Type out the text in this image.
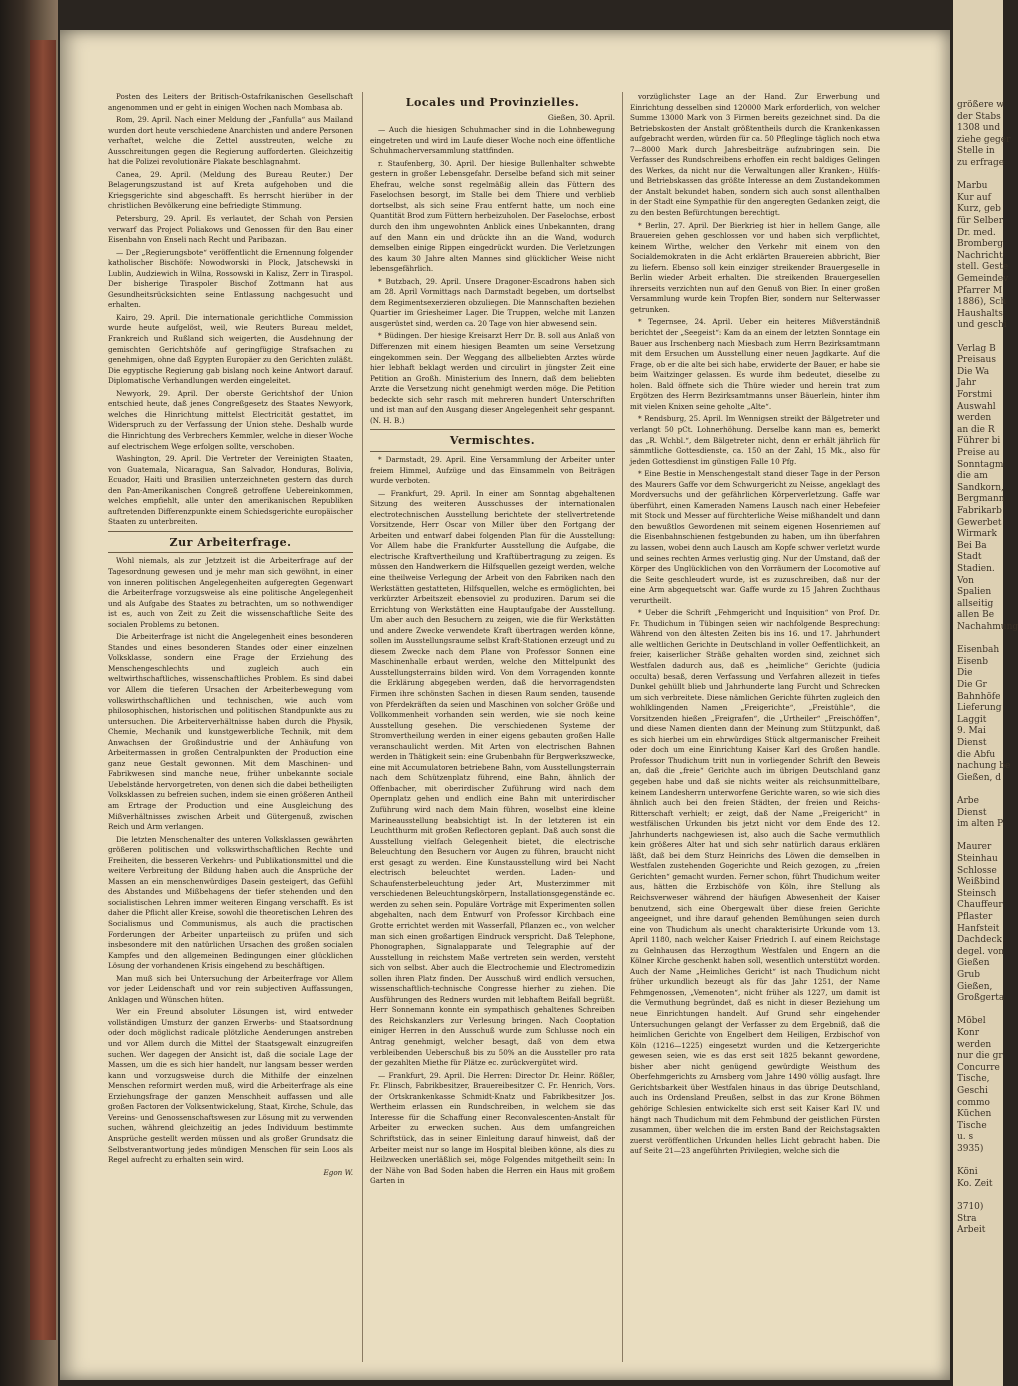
Posten des Leiters der Britisch-Ostafrikanischen Gesellschaft angenommen und er geht in einigen Wochen nach Mombasa ab.

Rom, 29. April. Nach einer Meldung der „Fanfulla“ aus Mailand wurden dort heute verschiedene Anarchisten und andere Personen verhaftet, welche die Zettel ausstreuten, welche zu Ausschreitungen gegen die Regierung aufforderten. Gleichzeitig hat die Polizei revolutionäre Plakate beschlagnahmt.

Canea, 29. April. (Meldung des Bureau Reuter.) Der Belagerungszustand ist auf Kreta aufgehoben und die Kriegsgerichte sind abgeschafft. Es herrscht hierüber in der christlichen Bevölkerung eine befriedigte Stimmung.

Petersburg, 29. April. Es verlautet, der Schah von Persien verwarf das Project Poliakows und Genossen für den Bau einer Eisenbahn von Enseli nach Recht und Paribazan.

— Der „Regierungsbote“ veröffentlicht die Ernennung folgender katholischer Bischöfe: Nowodworski in Plock, Jatschewski in Lublin, Audziewich in Wilna, Rossowski in Kalisz, Zerr in Tiraspol. Der bisherige Tiraspoler Bischof Zottmann hat aus Gesundheitsrücksichten seine Entlassung nachgesucht und erhalten.

Kairo, 29. April. Die internationale gerichtliche Commission wurde heute aufgelöst, weil, wie Reuters Bureau meldet, Frankreich und Rußland sich weigerten, die Ausdehnung der gemischten Gerichtshöfe auf geringfügige Strafsachen zu genehmigen, ohne daß Egypten Europäer zu den Gerichten zuläßt. Die egyptische Regierung gab bislang noch keine Antwort darauf. Diplomatische Verhandlungen werden eingeleitet.

Newyork, 29. April. Der oberste Gerichtshof der Union entschied heute, daß jenes Congreßgesetz des Staates Newyork, welches die Hinrichtung mittelst Electricität gestattet, im Widerspruch zu der Verfassung der Union stehe. Deshalb wurde die Hinrichtung des Verbrechers Kemmler, welche in dieser Woche auf electrischem Wege erfolgen sollte, verschoben.

Washington, 29. April. Die Vertreter der Vereinigten Staaten, von Guatemala, Nicaragua, San Salvador, Honduras, Bolivia, Ecuador, Haiti und Brasilien unterzeichneten gestern das durch den Pan-Amerikanischen Congreß getroffene Uebereinkommen, welches empfiehlt, alle unter den amerikanischen Republiken auftretenden Differenzpunkte einem Schiedsgerichte europäischer Staaten zu unterbreiten.

Zur Arbeiterfrage.

Wohl niemals, als zur Jetztzeit ist die Arbeiterfrage auf der Tagesordnung gewesen und je mehr man sich gewöhnt, in einer von inneren politischen Angelegenheiten aufgeregten Gegenwart die Arbeiterfrage vorzugsweise als eine politische Angelegenheit und als Aufgabe des Staates zu betrachten, um so nothwendiger ist es, auch von Zeit zu Zeit die wissenschaftliche Seite des socialen Problems zu betonen.

Die Arbeiterfrage ist nicht die Angelegenheit eines besonderen Standes und eines besonderen Standes oder einer einzelnen Volksklasse, sondern eine Frage der Erziehung des Menschengeschlechts und zugleich auch ein weltwirthschaftliches, wissenschaftliches Problem. Es sind dabei vor Allem die tieferen Ursachen der Arbeiterbewegung vom volkswirthschaftlichen und technischen, wie auch vom philosophischen, historischen und politischen Standpunkte aus zu untersuchen. Die Arbeiterverhältnisse haben durch die Physik, Chemie, Mechanik und kunstgewerbliche Technik, mit dem Anwachsen der Großindustrie und der Anhäufung von Arbeitermassen in großen Centralpunkten der Production eine ganz neue Gestalt gewonnen. Mit dem Maschinen- und Fabrikwesen sind manche neue, früher unbekannte sociale Uebelstände hervorgetreten, von denen sich die dabei betheiligten Volksklassen zu befreien suchen, indem sie einen größeren Antheil am Ertrage der Production und eine Ausgleichung des Mißverhältnisses zwischen Arbeit und Gütergenuß, zwischen Reich und Arm verlangen.

Die letzten Menschenalter des unteren Volksklassen gewährten größeren politischen und volkswirthschaftlichen Rechte und Freiheiten, die besseren Verkehrs- und Publikationsmittel und die weitere Verbreitung der Bildung haben auch die Ansprüche der Massen an ein menschenwürdiges Dasein gesteigert, das Gefühl des Abstandes und Mißbehagens der tiefer stehenden und den socialistischen Lehren immer weiteren Eingang verschafft. Es ist daher die Pflicht aller Kreise, sowohl die theoretischen Lehren des Socialismus und Communismus, als auch die practischen Forderungen der Arbeiter unparteiisch zu prüfen und sich insbesondere mit den natürlichen Ursachen des großen socialen Kampfes und den allgemeinen Bedingungen einer glücklichen Lösung der vorhandenen Krisis eingehend zu beschäftigen.

Man muß sich bei Untersuchung der Arbeiterfrage vor Allem vor jeder Leidenschaft und vor rein subjectiven Auffassungen, Anklagen und Wünschen hüten.

Wer ein Freund absoluter Lösungen ist, wird entweder vollständigen Umsturz der ganzen Erwerbs- und Staatsordnung oder doch möglichst radicale plötzliche Aenderungen anstreben und vor Allem durch die Mittel der Staatsgewalt einzugreifen suchen. Wer dagegen der Ansicht ist, daß die sociale Lage der Massen, um die es sich hier handelt, nur langsam besser werden kann und vorzugsweise durch die Mithilfe der einzelnen Menschen reformirt werden muß, wird die Arbeiterfrage als eine Erziehungsfrage der ganzen Menschheit auffassen und alle großen Factoren der Volksentwickelung, Staat, Kirche, Schule, das Vereins- und Genossenschaftswesen zur Lösung mit zu verwenden suchen, während gleichzeitig an jedes Individuum bestimmte Ansprüche gestellt werden müssen und als großer Grundsatz die Selbstverantwortung jedes mündigen Menschen für sein Loos als Regel aufrecht zu erhalten sein wird.

Egon W.
Locales und Provinzielles.
Gießen, 30. April.

— Auch die hiesigen Schuhmacher sind in die Lohnbewegung eingetreten und wird im Laufe dieser Woche noch eine öffentliche Schuhmacherversammlung stattfinden.

r. Staufenberg, 30. April. Der hiesige Bullenhalter schwebte gestern in großer Lebensgefahr. Derselbe befand sich mit seiner Ehefrau, welche sonst regelmäßig allein das Füttern des Faselochsen besorgt, im Stalle bei dem Thiere und verblieb dortselbst, als sich seine Frau entfernt hatte, um noch eine Quantität Brod zum Füttern herbeizuholen. Der Faselochse, erbost durch den ihm ungewohnten Anblick eines Unbekannten, drang auf den Mann ein und drückte ihn an die Wand, wodurch demselben einige Rippen eingedrückt wurden. Die Verletzungen des kaum 30 Jahre alten Mannes sind glücklicher Weise nicht lebensgefährlich.

* Butzbach, 29. April. Unsere Dragoner-Escadrons haben sich am 28. April Vormittags nach Darmstadt begeben, um dortselbst dem Regimentsexerzieren obzuliegen. Die Mannschaften beziehen Quartier im Griesheimer Lager. Die Truppen, welche mit Lanzen ausgerüstet sind, werden ca. 20 Tage von hier abwesend sein.

* Büdingen. Der hiesige Kreisarzt Herr Dr. B. soll aus Anlaß von Differenzen mit einem hiesigen Beamten um seine Versetzung eingekommen sein. Der Weggang des allbeliebten Arztes würde hier lebhaft beklagt werden und circulirt in jüngster Zeit eine Petition an Großh. Ministerium des Innern, daß dem beliebten Arzte die Versetzung nicht genehmigt werden möge. Die Petition bedeckte sich sehr rasch mit mehreren hundert Unterschriften und ist man auf den Ausgang dieser Angelegenheit sehr gespannt. (N. H. B.)

Vermischtes.

* Darmstadt, 29. April. Eine Versammlung der Arbeiter unter freiem Himmel, Aufzüge und das Einsammeln von Beiträgen wurde verboten.

— Frankfurt, 29. April. In einer am Sonntag abgehaltenen Sitzung des weiteren Ausschusses der internationalen electrotechnischen Ausstellung berichtete der stellvertretende Vorsitzende, Herr Oscar von Miller über den Fortgang der Arbeiten und entwarf dabei folgenden Plan für die Ausstellung: Vor Allem habe die Frankfurter Ausstellung die Aufgabe, die electrische Kraftvertheilung und Kraftübertragung zu zeigen. Es müssen den Handwerkern die Hilfsquellen gezeigt werden, welche eine theilweise Verlegung der Arbeit von den Fabriken nach den Werkstätten gestatteten, Hilfsquellen, welche es ermöglichten, bei verkürzter Arbeitszeit ebensoviel zu produziren. Darum sei die Errichtung von Werkstätten eine Hauptaufgabe der Ausstellung. Um aber auch den Besuchern zu zeigen, wie die für Werkstätten und andere Zwecke verwendete Kraft übertragen werden könne, sollen im Ausstellungsraume selbst Kraft-Stationen erzeugt und zu diesem Zwecke nach dem Plane von Professor Sonnen eine Maschinenhalle erbaut werden, welche den Mittelpunkt des Ausstellungsterrains bilden wird. Von dem Vorragenden konnte die Erklärung abgegeben werden, daß die hervorragendsten Firmen ihre schönsten Sachen in diesen Raum senden, tausende von Pferdekräften da seien und Maschinen von solcher Größe und Vollkommenheit vorhanden sein werden, wie sie noch keine Ausstellung gesehen. Die verschiedenen Systeme der Stromvertheilung werden in einer eigens gebauten großen Halle veranschaulicht werden. Mit Arten von electrischen Bahnen werden in Thätigkeit sein: eine Grubenbahn für Bergwerkszwecke, eine mit Accumulatoren betriebene Bahn, vom Ausstellungsterrain nach dem Schützenplatz führend, eine Bahn, ähnlich der Offenbacher, mit oberirdischer Zuführung wird nach dem Opernplatz gehen und endlich eine Bahn mit unterirdischer Zuführung wird nach dem Main führen, woselbst eine kleine Marineausstellung beabsichtigt ist. In der letzteren ist ein Leuchtthurm mit großen Reflectoren geplant. Daß auch sonst die Ausstellung vielfach Gelegenheit bietet, die electrische Beleuchtung den Besuchern vor Augen zu führen, braucht nicht erst gesagt zu werden. Eine Kunstausstellung wird bei Nacht electrisch beleuchtet werden. Laden- und Schaufensterbeleuchtung jeder Art, Musterzimmer mit verschiedenen Beleuchtungskörpern, Installationsgegenstände ec. werden zu sehen sein. Populäre Vorträge mit Experimenten sollen abgehalten, nach dem Entwurf von Professor Kirchbach eine Grotte errichtet werden mit Wasserfall, Pflanzen ec., von welcher man sich einen großartigen Eindruck verspricht. Daß Telephone, Phonographen, Signalapparate und Telegraphie auf der Ausstellung in reichstem Maße vertreten sein werden, versteht sich von selbst. Aber auch die Electrochemie und Electromedizin sollen ihren Platz finden. Der Ausschuß wird endlich versuchen, wissenschaftlich-technische Congresse hierher zu ziehen. Die Ausführungen des Redners wurden mit lebhaftem Beifall begrüßt. Herr Sonnemann konnte ein sympathisch gehaltenes Schreiben des Reichskanzlers zur Verlesung bringen. Nach Cooptation einiger Herren in den Ausschuß wurde zum Schlusse noch ein Antrag genehmigt, welcher besagt, daß von dem etwa verbleibenden Ueberschuß bis zu 50% an die Aussteller pro rata der gezahlten Miethe für Plätze ec. zurückvergütet wird.

— Frankfurt, 29. April. Die Herren: Director Dr. Heinr. Rößler, Fr. Flinsch, Fabrikbesitzer, Brauereibesitzer C. Fr. Henrich, Vors. der Ortskrankenkasse Schmidt-Knatz und Fabrikbesitzer Jos. Wertheim erlassen ein Rundschreiben, in welchem sie das Interesse für die Schaffung einer Reconvalescenten-Anstalt für Arbeiter zu erwecken suchen. Aus dem umfangreichen Schriftstück, das in seiner Einleitung darauf hinweist, daß der Arbeiter meist nur so lange im Hospital bleiben könne, als dies zu Heilzwecken unerläßlich sei, möge Folgendes mitgetheilt sein: In der Nähe von Bad Soden haben die Herren ein Haus mit großem Garten in

vorzüglichster Lage an der Hand. Zur Erwerbung und Einrichtung desselben sind 120000 Mark erforderlich, von welcher Summe 13000 Mark von 3 Firmen bereits gezeichnet sind. Da die Betriebskosten der Anstalt größtentheils durch die Krankenkassen aufgebracht werden, würden für ca. 50 Pfleglinge täglich noch etwa 7—8000 Mark durch Jahresbeiträge aufzubringen sein. Die Verfasser des Rundschreibens erhoffen ein recht baldiges Gelingen des Werkes, da nicht nur die Verwaltungen aller Kranken-, Hülfs- und Betriebskassen das größte Interesse an dem Zustandekommen der Anstalt bekundet haben, sondern sich auch sonst allenthalben in der Stadt eine Sympathie für den angeregten Gedanken zeigt, die zu den besten Befürchtungen berechtigt.

* Berlin, 27. April. Der Bierkrieg ist hier in hellem Gange, alle Brauereien gehen geschlossen vor und haben sich verpflichtet, keinem Wirthe, welcher den Verkehr mit einem von den Socialdemokraten in die Acht erklärten Brauereien abbricht, Bier zu liefern. Ebenso soll kein einziger streikender Brauergeselle in Berlin wieder Arbeit erhalten. Die streikenden Brauergesellen ihrerseits verzichten nun auf den Genuß von Bier. In einer großen Versammlung wurde kein Tropfen Bier, sondern nur Selterwasser getrunken.

* Tegernsee, 24. April. Ueber ein heiteres Mißverständniß berichtet der „Seegeist“: Kam da an einem der letzten Sonntage ein Bauer aus Irschenberg nach Miesbach zum Herrn Bezirksamtmann mit dem Ersuchen um Ausstellung einer neuen Jagdkarte. Auf die Frage, ob er die alte bei sich habe, erwiderte der Bauer, er habe sie beim Waitzinger gelassen. Es wurde ihm bedeutet, dieselbe zu holen. Bald öffnete sich die Thüre wieder und herein trat zum Ergötzen des Herrn Bezirksamtmanns unser Bäuerlein, hinter ihm mit vielen Knixen seine geholte „Alte“.

* Rendsburg, 25. April. Im Wennigsen streikt der Bälgetreter und verlangt 50 pCt. Lohnerhöhung. Derselbe kann man es, bemerkt das „R. Wchbl.“, dem Bälgetreter nicht, denn er erhält jährlich für sämmtliche Gottesdienste, ca. 150 an der Zahl, 15 Mk., also für jeden Gottesdienst im günstigen Falle 10 Pfg.

* Eine Bestie in Menschengestalt stand dieser Tage in der Person des Maurers Gaffe vor dem Schwurgericht zu Neisse, angeklagt des Mordversuchs und der gefährlichen Körperverletzung. Gaffe war überführt, einen Kameraden Namens Lausch nach einer Hebefeier mit Stock und Messer auf fürchterliche Weise mißhandelt und dann den bewußtlos Gewordenen mit seinem eigenen Hosenriemen auf die Eisenbahnschienen festgebunden zu haben, um ihn überfahren zu lassen, wobei denn auch Lausch am Kopfe schwer verletzt wurde und seines rechten Armes verlustig ging. Nur der Umstand, daß der Körper des Unglücklichen von den Vorräumern der Locomotive auf die Seite geschleudert wurde, ist es zuzuschreiben, daß nur der eine Arm abgequetscht war. Gaffe wurde zu 15 Jahren Zuchthaus verurtheilt.

* Ueber die Schrift „Fehmgericht und Inquisition“ von Prof. Dr. Fr. Thudichum in Tübingen seien wir nachfolgende Besprechung: Während von den ältesten Zeiten bis ins 16. und 17. Jahrhundert alle weltlichen Gerichte in Deutschland in voller Oeffentlichkeit, an freier, kaiserlicher Sträße gehalten worden sind, zeichnet sich Westfalen dadurch aus, daß es „heimliche“ Gerichte (judicia occulta) besaß, deren Verfassung und Verfahren allezeit in tiefes Dunkel gehüllt blieb und Jahrhunderte lang Furcht und Schrecken um sich verbreitete. Diese nämlichen Gerichte führten zugleich den wohlklingenden Namen „Freigerichte“, „Freistühle“, die Vorsitzenden hießen „Freigrafen“, die „Urtheiler“ „Freischöffen“, und diese Namen dienten dann der Meinung zum Stützpunkt, daß es sich hierbei um ein ehrwürdiges Stück altgermanischer Freiheit oder doch um eine Einrichtung Kaiser Karl des Großen handle. Professor Thudichum tritt nun in vorliegender Schrift den Beweis an, daß die „freie“ Gerichte auch im übrigen Deutschland ganz gegeben habe und daß sie nichts weiter als reichsunmittelbare, keinem Landesherrn unterworfene Gerichte waren, so wie sich dies ähnlich auch bei den freien Städten, der freien und Reichs-Ritterschaft verhielt; er zeigt, daß der Name „Freigericht“ in westfälischen Urkunden bis jetzt nicht vor dem Ende des 12. Jahrhunderts nachgewiesen ist, also auch die Sache vermuthlich kein größeres Alter hat und sich sehr natürlich daraus erklären läßt, daß bei dem Sturz Heinrichs des Löwen die demselben in Westfalen zustehenden Gogerichte und Reich gezogen, zu „freien Gerichten“ gemacht wurden. Ferner schon, führt Thudichum weiter aus, hätten die Erzbischöfe von Köln, ihre Stellung als Reichsverweser während der häufigen Abwesenheit der Kaiser benutzend, sich eine Obergewalt über diese freien Gerichte angeeignet, und ihre darauf gehenden Bemühungen seien durch eine von Thudichum als unecht charakterisirte Urkunde vom 13. April 1180, nach welcher Kaiser Friedrich I. auf einem Reichstage zu Gelnhausen das Herzogthum Westfalen und Engern an die Kölner Kirche geschenkt haben soll, wesentlich unterstützt worden. Auch der Name „Heimliches Gericht“ ist nach Thudichum nicht früher urkundlich bezeugt als für das Jahr 1251, der Name Fehmgenossen, „Vemenoten“, nicht früher als 1227, um damit ist die Vermuthung begründet, daß es nicht in dieser Beziehung um neue Einrichtungen handelt. Auf Grund sehr eingehender Untersuchungen gelangt der Verfasser zu dem Ergebniß, daß die heimlichen Gerichte von Engelbert dem Heiligen, Erzbischof von Köln (1216—1225) eingesetzt wurden und die Ketzergerichte gewesen seien, wie es das erst seit 1825 bekannt gewordene, bisher aber nicht genügend gewürdigte Weisthum des Oberfehmgerichts zu Arnsberg vom Jahre 1490 völlig ausfagt. Ihre Gerichtsbarkeit über Westfalen hinaus in das übrige Deutschland, auch ins Ordensland Preußen, selbst in das zur Krone Böhmen gehörige Schlesien entwickelte sich erst seit Kaiser Karl IV. und hängt nach Thudichum mit dem Fehmbund der geistlichen Fürsten zusammen, über welchen die im ersten Band der Reichstagsakten zuerst veröffentlichen Urkunden helles Licht gebracht haben. Die auf Seite 21—23 angeführten Privilegien, welche sich die

größere w
der Stabs
1308 und
ziehe geger
Stelle in
zu erfrage
Marbu
Kur auf
Kurz, geb
für Selber
Dr. med.
Bromberg
Nachricht
stell. Geste
Gemeindev
Pfarrer M
1886), Sch
Haushalts
und geschi
Verlag B
Preisaus
Die Wa
Jahr
Forstmi
Auswahl
werden
an die R
Führer bi
Preise au
Sonntagm
die am
Sandkorn,
Bergmann
Fabrikarb
Gewerbet
Wirmark
Bei Ba
Stadt
Stadien.
Von
Spalien
allseitig
allen Be
Nachahmung
Eisenbah
Eisenb
Die
Die Gr
Bahnhöfe
Lieferung
Laggit
9. Mai
Dienst
die Abfu
nachung be
Gießen, d
Arbe
Dienst
im alten P
Maurer
Steinhau
Schlosse
Weißbind
Steinsch
Chauffeur
Pflaster
Hanfsteit
Dachdeck
degel. von
Gießen
Grub
Gießen,
Großgerta
Möbel
Konr
werden
nur die gr
Concurre
Tische,
Geschi
commo
Küchen
Tische
u. s
3935)
Köni
Ko. Zeit
3710)
Stra
Arbeit
